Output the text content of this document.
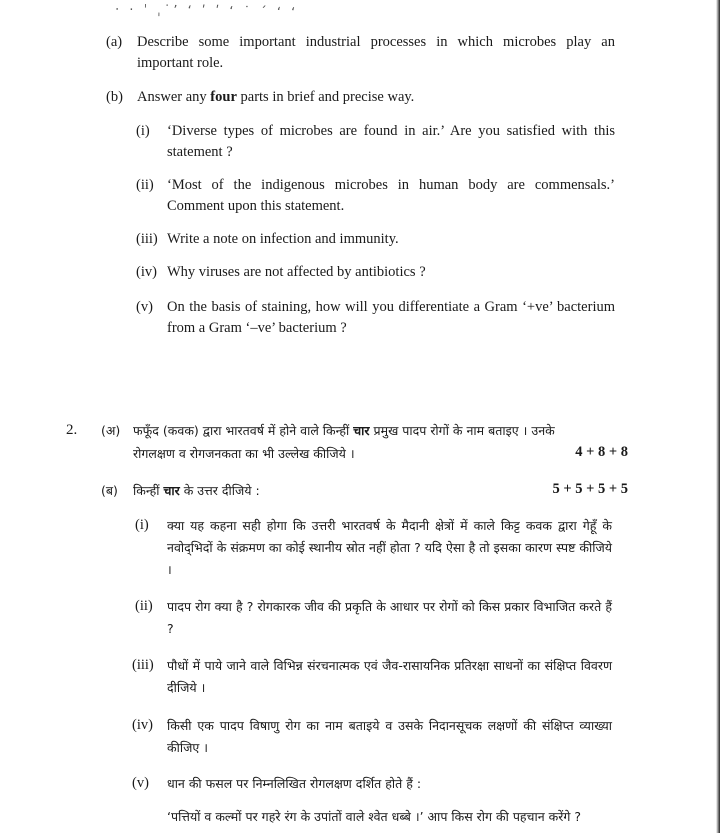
· · ˈ ˌ˙ʼ ʻ ʹ ʹ ʻ ˙ ˊ ʻ ʻ
(a) Describe some important industrial processes in which microbes play an important role.
(b) Answer any four parts in brief and precise way.
(i) ‘Diverse types of microbes are found in air.’ Are you satisfied with this statement ?
(ii) ‘Most of the indigenous microbes in human body are commensals.’ Comment upon this statement.
(iii) Write a note on infection and immunity.
(iv) Why viruses are not affected by antibiotics ?
(v) On the basis of staining, how will you differentiate a Gram ‘+ve’ bacterium from a Gram ‘–ve’ bacterium ?
2. (अ) फफूँद (कवक) द्वारा भारतवर्ष में होने वाले किन्हीं चार प्रमुख पादप रोगों के नाम बताइए । उनके
रोगलक्षण व रोगजनकता का भी उल्लेख कीजिये ।	4 + 8 + 8
(ब) किन्हीं चार के उत्तर दीजिये :	5 + 5 + 5 + 5
(i) क्या यह कहना सही होगा कि उत्तरी भारतवर्ष के मैदानी क्षेत्रों में काले किट्ट कवक द्वारा गेहूँ के नवोद्‌भिदों के संक्रमण का कोई स्थानीय स्रोत नहीं होता ? यदि ऐसा है तो इसका कारण स्पष्ट कीजिये ।
(ii) पादप रोग क्या है ? रोगकारक जीव की प्रकृति के आधार पर रोगों को किस प्रकार विभाजित करते हैं ?
(iii) पौधों में पाये जाने वाले विभिन्न संरचनात्मक एवं जैव-रासायनिक प्रतिरक्षा साधनों का संक्षिप्त विवरण दीजिये ।
(iv) किसी एक पादप विषाणु रोग का नाम बताइये व उसके निदानसूचक लक्षणों की संक्षिप्त व्याख्या कीजिए ।
(v) धान की फसल पर निम्नलिखित रोगलक्षण दर्शित होते हैं :
‘पत्तियों व कल्मों पर गहरे रंग के उपांतों वाले श्वेत धब्बे ।’ आप किस रोग की पहचान करेंगे ?
